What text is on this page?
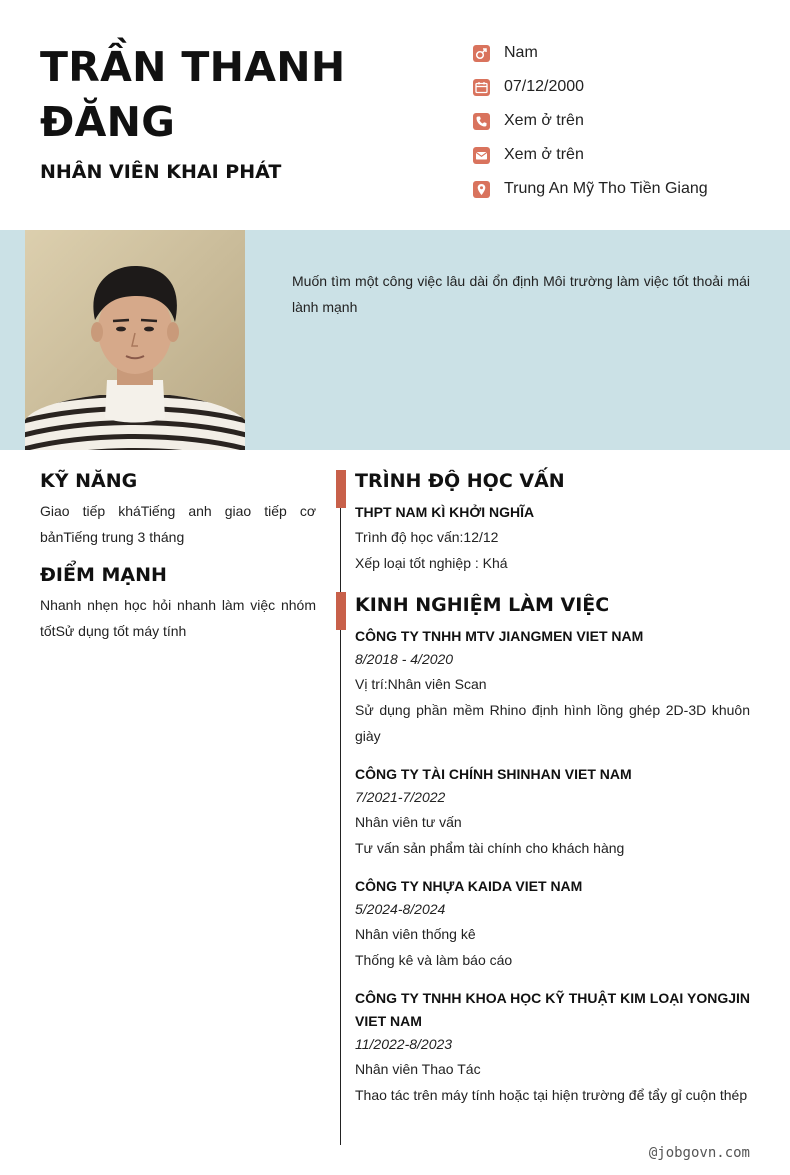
TRẦN THANH ĐĂNG
NHÂN VIÊN KHAI PHÁT
Nam
07/12/2000
Xem ở trên
Xem ở trên
Trung An Mỹ Tho Tiền Giang

Muốn tìm một công việc lâu dài ổn định Môi trường làm việc tốt thoải mái lành mạnh

KỸ NĂNG

Giao tiếp kháTiếng anh giao tiếp cơ bảnTiếng trung 3 tháng

ĐIỂM MẠNH

Nhanh nhẹn học hỏi nhanh làm việc nhóm tốtSử dụng tốt máy tính

TRÌNH ĐỘ HỌC VẤN

THPT NAM KÌ KHỞI NGHĨA

Trình độ học vấn:12/12

Xếp loại tốt nghiệp : Khá

KINH NGHIỆM LÀM VIỆC

CÔNG TY TNHH MTV JIANGMEN VIET NAM

8/2018 - 4/2020

Vị trí:Nhân viên Scan

Sử dụng phần mềm Rhino định hình lồng ghép 2D-3D khuôn giày

CÔNG TY TÀI CHÍNH SHINHAN VIET NAM

7/2021-7/2022

Nhân viên tư vấn

Tư vấn sản phẩm tài chính cho khách hàng

CÔNG TY NHỰA KAIDA VIET NAM

5/2024-8/2024

Nhân viên thống kê

Thống kê và làm báo cáo

CÔNG TY TNHH KHOA HỌC KỸ THUẬT KIM LOẠI YONGJIN VIET NAM

11/2022-8/2023

Nhân viên Thao Tác

Thao tác trên máy tính hoặc tại hiện trường để tẩy gỉ cuộn thép

@jobgovn.com
